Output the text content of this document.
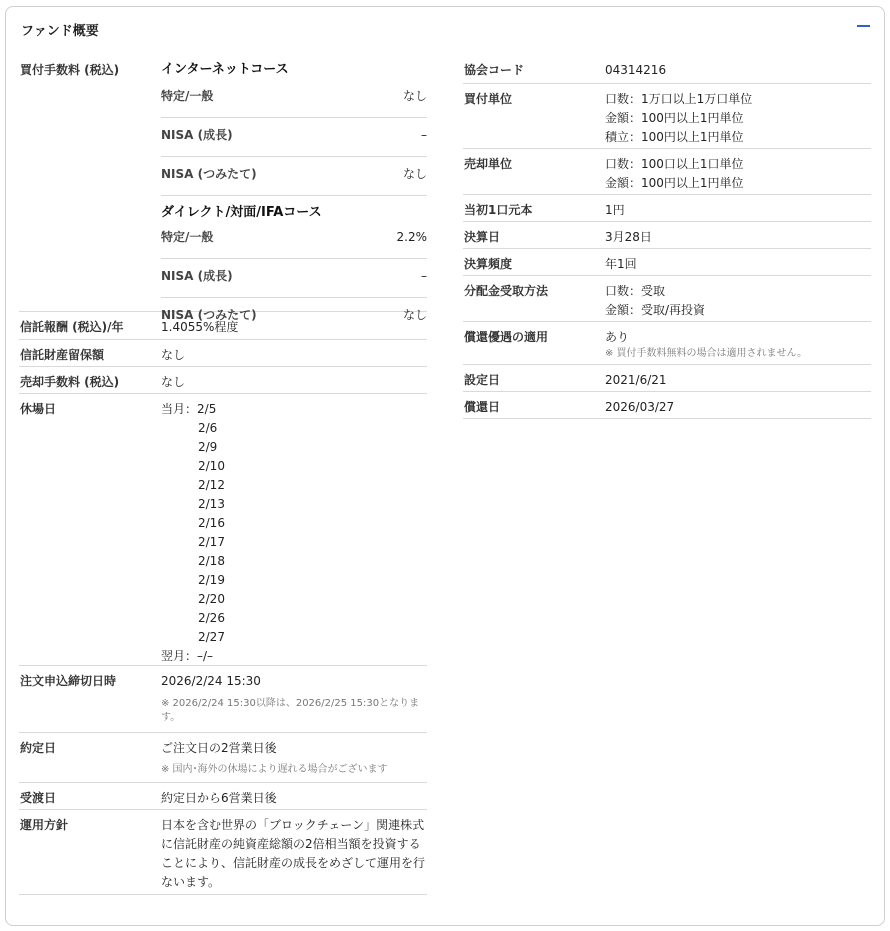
ファンド概要
買付手数料 (税込)	インターネットコース
特定/一般	なし
NISA (成長)	–
NISA (つみたて)	なし
ダイレクト/対面/IFAコース
特定/一般	2.2%
NISA (成長)	–
NISA (つみたて)	なし
信託報酬 (税込)/年	1.4055%程度
信託財産留保額	なし
売却手数料 (税込)	なし
休場日	当月：2/5
2/6
2/9
2/10
2/12
2/13
2/16
2/17
2/18
2/19
2/20
2/26
2/27
翌月：–/–
注文申込締切日時	2026/2/24 15:30
※ 2026/2/24 15:30以降は、2026/2/25 15:30となります。
約定日	ご注文日の2営業日後
※ 国内･海外の休場により遅れる場合がございます
受渡日	約定日から6営業日後
運用方針	日本を含む世界の「ブロックチェーン」関連株式に信託財産の純資産総額の2倍相当額を投資することにより、信託財産の成長をめざして運用を行ないます。
協会コード	04314216
買付単位	口数：1万口以上1万口単位
金額：100円以上1円単位
積立：100円以上1円単位
売却単位	口数：100口以上1口単位
金額：100円以上1円単位
当初1口元本	1円
決算日	3月28日
決算頻度	年1回
分配金受取方法	口数：受取
金額：受取/再投資
償還優遇の適用	あり
※ 買付手数料無料の場合は適用されません。
設定日	2021/6/21
償還日	2026/03/27
